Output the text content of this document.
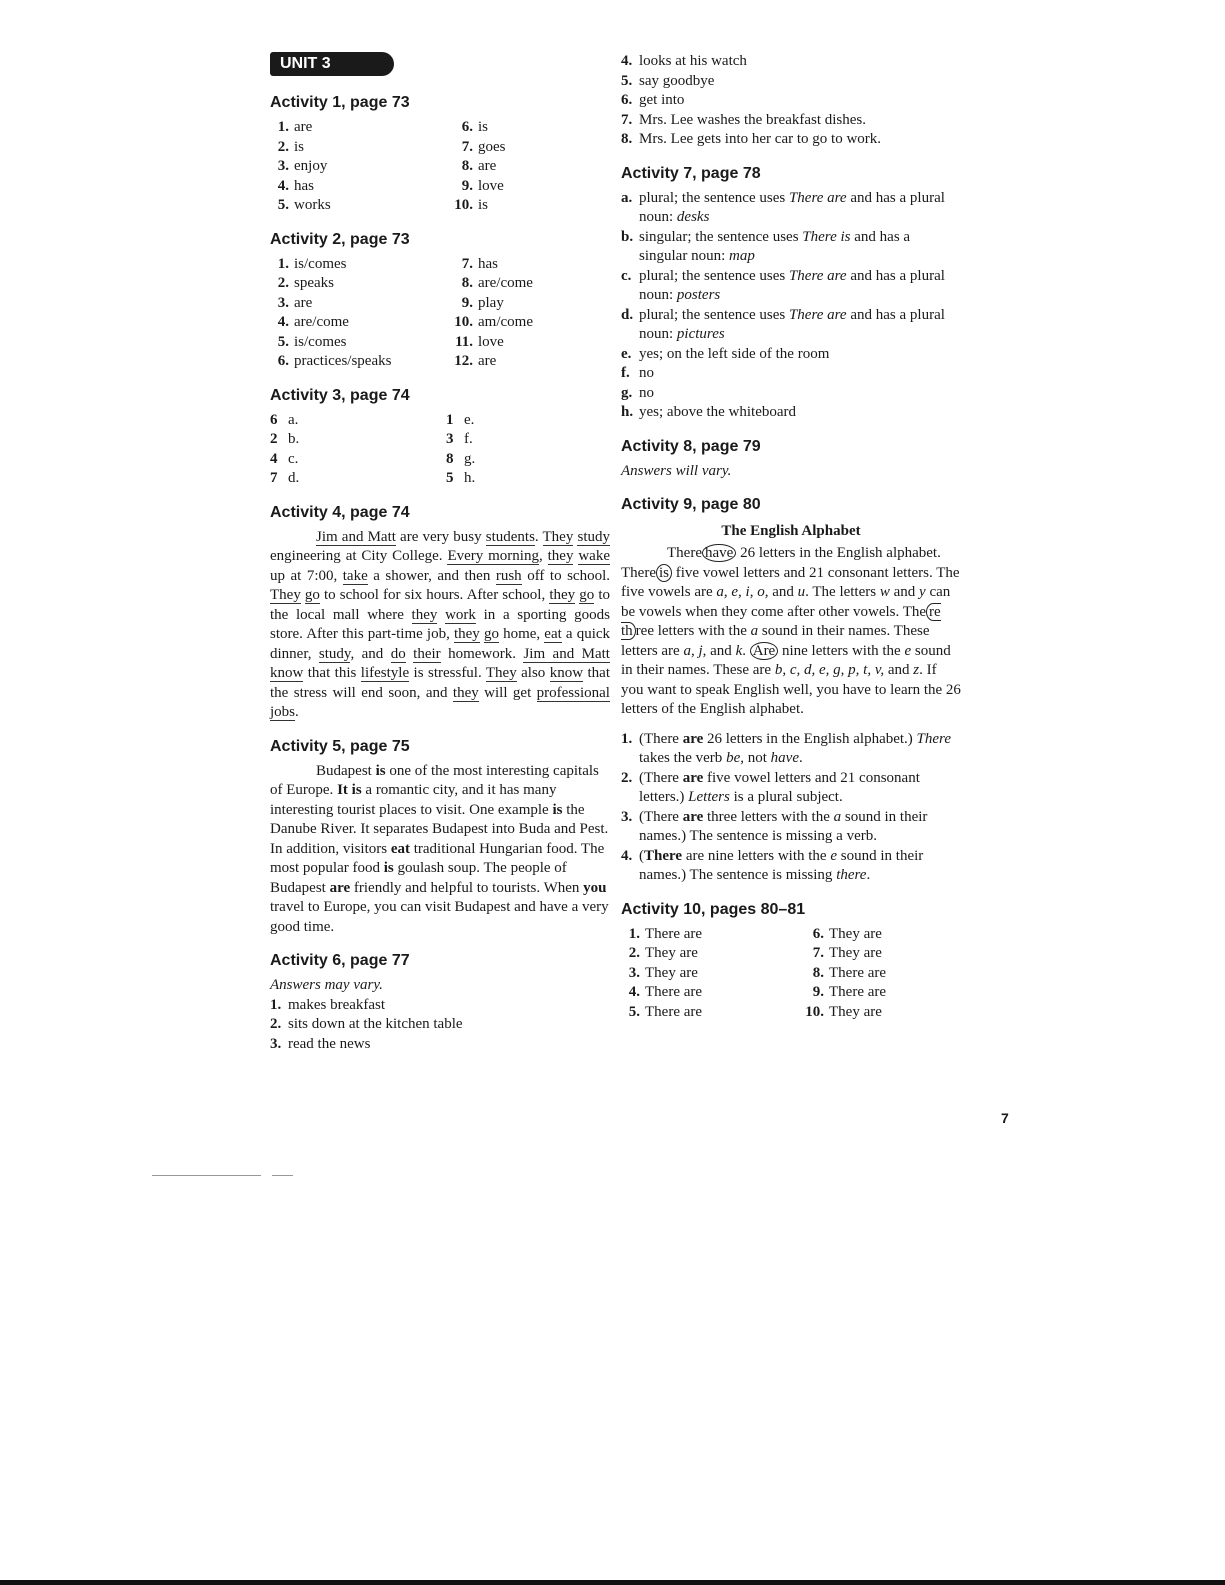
UNIT 3
Activity 1, page 73
1. are
2. is
3. enjoy
4. has
5. works
6. is
7. goes
8. are
9. love
10. is
Activity 2, page 73
1. is/comes
2. speaks
3. are
4. are/come
5. is/comes
6. practices/speaks
7. has
8. are/come
9. play
10. am/come
11. love
12. are
Activity 3, page 74
6 a.
2 b.
4 c.
7 d.
1 e.
3 f.
8 g.
5 h.
Activity 4, page 74
Jim and Matt are very busy students. They study engineering at City College. Every morning, they wake up at 7:00, take a shower, and then rush off to school. They go to school for six hours. After school, they go to the local mall where they work in a sporting goods store. After this part-time job, they go home, eat a quick dinner, study, and do their homework. Jim and Matt know that this lifestyle is stressful. They also know that the stress will end soon, and they will get professional jobs.
Activity 5, page 75
Budapest is one of the most interesting capitals of Europe. It is a romantic city, and it has many interesting tourist places to visit. One example is the Danube River. It separates Budapest into Buda and Pest. In addition, visitors eat traditional Hungarian food. The most popular food is goulash soup. The people of Budapest are friendly and helpful to tourists. When you travel to Europe, you can visit Budapest and have a very good time.
Activity 6, page 77
Answers may vary.
1. makes breakfast
2. sits down at the kitchen table
3. read the news
4. looks at his watch
5. say goodbye
6. get into
7. Mrs. Lee washes the breakfast dishes.
8. Mrs. Lee gets into her car to go to work.
Activity 7, page 78
a. plural; the sentence uses There are and has a plural noun: desks
b. singular; the sentence uses There is and has a singular noun: map
c. plural; the sentence uses There are and has a plural noun: posters
d. plural; the sentence uses There are and has a plural noun: pictures
e. yes; on the left side of the room
f. no
g. no
h. yes; above the whiteboard
Activity 8, page 79
Answers will vary.
Activity 9, page 80
The English Alphabet
There have 26 letters in the English alphabet. There is five vowel letters and 21 consonant letters. The five vowels are a, e, i, o, and u. The letters w and y can be vowels when they come after other vowels. The re th ree letters with the a sound in their names. These letters are a, j, and k. Are nine letters with the e sound in their names. These are b, c, d, e, g, p, t, v, and z. If you want to speak English well, you have to learn the 26 letters of the English alphabet.
1. (There are 26 letters in the English alphabet.) There takes the verb be, not have.
2. (There are five vowel letters and 21 consonant letters.) Letters is a plural subject.
3. (There are three letters with the a sound in their names.) The sentence is missing a verb.
4. (There are nine letters with the e sound in their names.) The sentence is missing there.
Activity 10, pages 80–81
1. There are
2. They are
3. They are
4. There are
5. There are
6. They are
7. They are
8. There are
9. There are
10. They are
7
